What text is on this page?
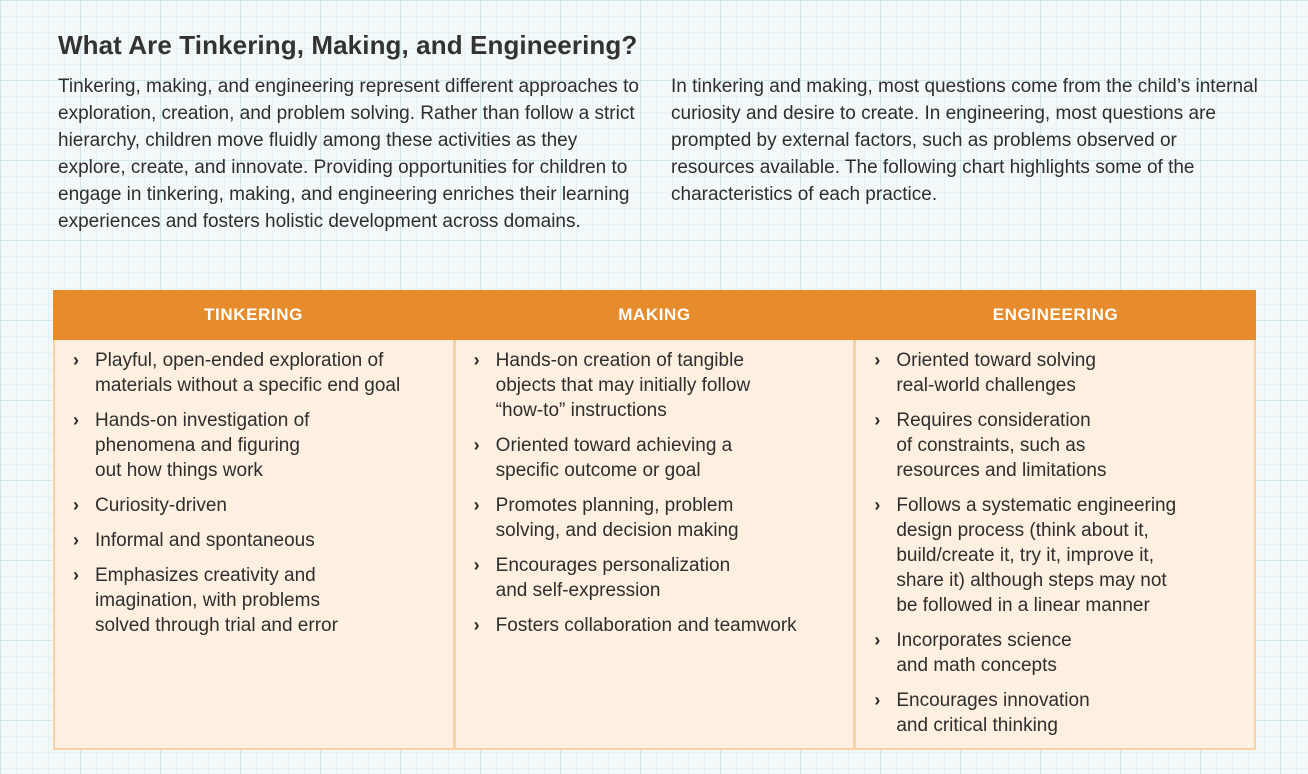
What Are Tinkering, Making, and Engineering?

Tinkering, making, and engineering represent different approaches to exploration, creation, and problem solving. Rather than follow a strict hierarchy, children move fluidly among these activities as they explore, create, and innovate. Providing opportunities for children to engage in tinkering, making, and engineering enriches their learning experiences and fosters holistic development across domains.

In tinkering and making, most questions come from the child’s internal curiosity and desire to create. In engineering, most questions are prompted by external factors, such as problems observed or resources available. The following chart highlights some of the characteristics of each practice.

TINKERING	MAKING	ENGINEERING
› Playful, open-ended exploration of
materials without a specific end goal
› Hands-on investigation of
phenomena and figuring
out how things work
› Curiosity-driven
› Informal and spontaneous
› Emphasizes creativity and
imagination, with problems
solved through trial and error
› Hands-on creation of tangible
objects that may initially follow
“how-to” instructions
› Oriented toward achieving a
specific outcome or goal
› Promotes planning, problem
solving, and decision making
› Encourages personalization
and self-expression
› Fosters collaboration and teamwork
› Oriented toward solving
real-world challenges
› Requires consideration
of constraints, such as
resources and limitations
› Follows a systematic engineering
design process (think about it,
build/create it, try it, improve it,
share it) although steps may not
be followed in a linear manner
› Incorporates science
and math concepts
› Encourages innovation
and critical thinking
